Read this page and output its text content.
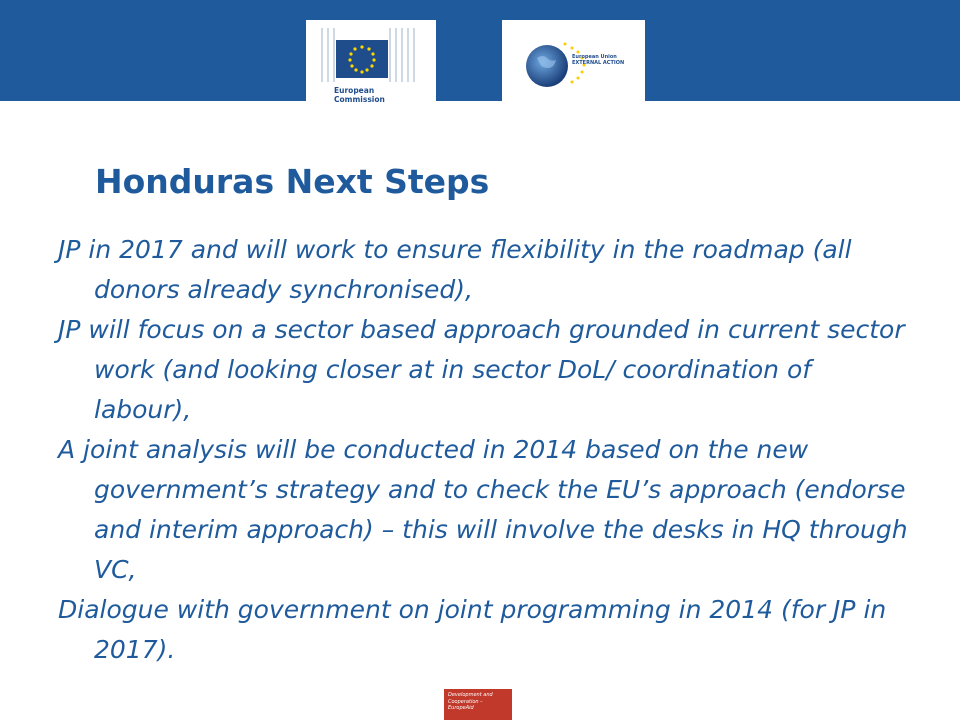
European
Commission
European Union
EXTERNAL ACTION
Honduras Next Steps
JP in 2017 and will work to ensure flexibility in the roadmap (all donors already synchronised),
JP will focus on a sector based approach grounded in current sector work (and looking closer at in sector DoL/ coordination of labour),
A joint analysis will be conducted in 2014 based on the new government’s strategy and to check the EU’s approach (endorse and interim approach) – this will involve the desks in HQ through VC,
Dialogue with government on joint programming in 2014 (for JP in 2017).
Development and Cooperation – EuropeAid
